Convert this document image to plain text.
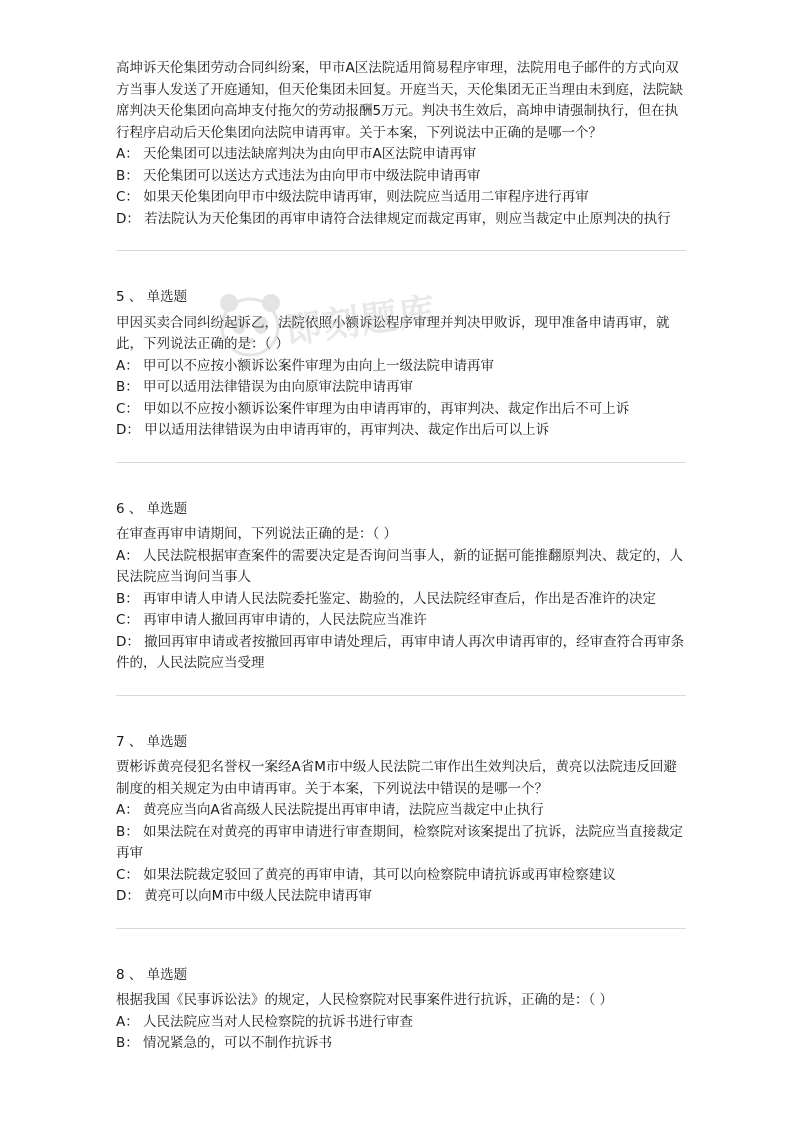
高坤诉天伦集团劳动合同纠纷案，甲市A区法院适用简易程序审理，法院用电子邮件的方式向双方当事人发送了开庭通知，但天伦集团未回复。开庭当天，天伦集团无正当理由未到庭，法院缺席判决天伦集团向高坤支付拖欠的劳动报酬5万元。判决书生效后，高坤申请强制执行，但在执行程序启动后天伦集团向法院申请再审。关于本案，下列说法中正确的是哪一个？

A： 天伦集团可以违法缺席判决为由向甲市A区法院申请再审

B： 天伦集团可以送达方式违法为由向甲市中级法院申请再审

C： 如果天伦集团向甲市中级法院申请再审，则法院应当适用二审程序进行再审

D： 若法院认为天伦集团的再审申请符合法律规定而裁定再审，则应当裁定中止原判决的执行

5 、 单选题

甲因买卖合同纠纷起诉乙，法院依照小额诉讼程序审理并判决甲败诉，现甲准备申请再审，就此，下列说法正确的是：（ ）

A： 甲可以不应按小额诉讼案件审理为由向上一级法院申请再审

B： 甲可以适用法律错误为由向原审法院申请再审

C： 甲如以不应按小额诉讼案件审理为由申请再审的，再审判决、裁定作出后不可上诉

D： 甲以适用法律错误为由申请再审的，再审判决、裁定作出后可以上诉

6 、 单选题

在审查再审申请期间，下列说法正确的是：（ ）

A： 人民法院根据审查案件的需要决定是否询问当事人，新的证据可能推翻原判决、裁定的，人民法院应当询问当事人

B： 再审申请人申请人民法院委托鉴定、勘验的，人民法院经审查后，作出是否准许的决定

C： 再审申请人撤回再审申请的，人民法院应当准许

D： 撤回再审申请或者按撤回再审申请处理后，再审申请人再次申请再审的，经审查符合再审条件的，人民法院应当受理

7 、 单选题

贾彬诉黄亮侵犯名誉权一案经A省M市中级人民法院二审作出生效判决后，黄亮以法院违反回避制度的相关规定为由申请再审。关于本案，下列说法中错误的是哪一个？

A： 黄亮应当向A省高级人民法院提出再审申请，法院应当裁定中止执行

B： 如果法院在对黄亮的再审申请进行审查期间，检察院对该案提出了抗诉，法院应当直接裁定再审

C： 如果法院裁定驳回了黄亮的再审申请，其可以向检察院申请抗诉或再审检察建议

D： 黄亮可以向M市中级人民法院申请再审

8 、 单选题

根据我国《民事诉讼法》的规定，人民检察院对民事案件进行抗诉，正确的是：（ ）

A： 人民法院应当对人民检察院的抗诉书进行审查

B： 情况紧急的，可以不制作抗诉书

即刻题库
